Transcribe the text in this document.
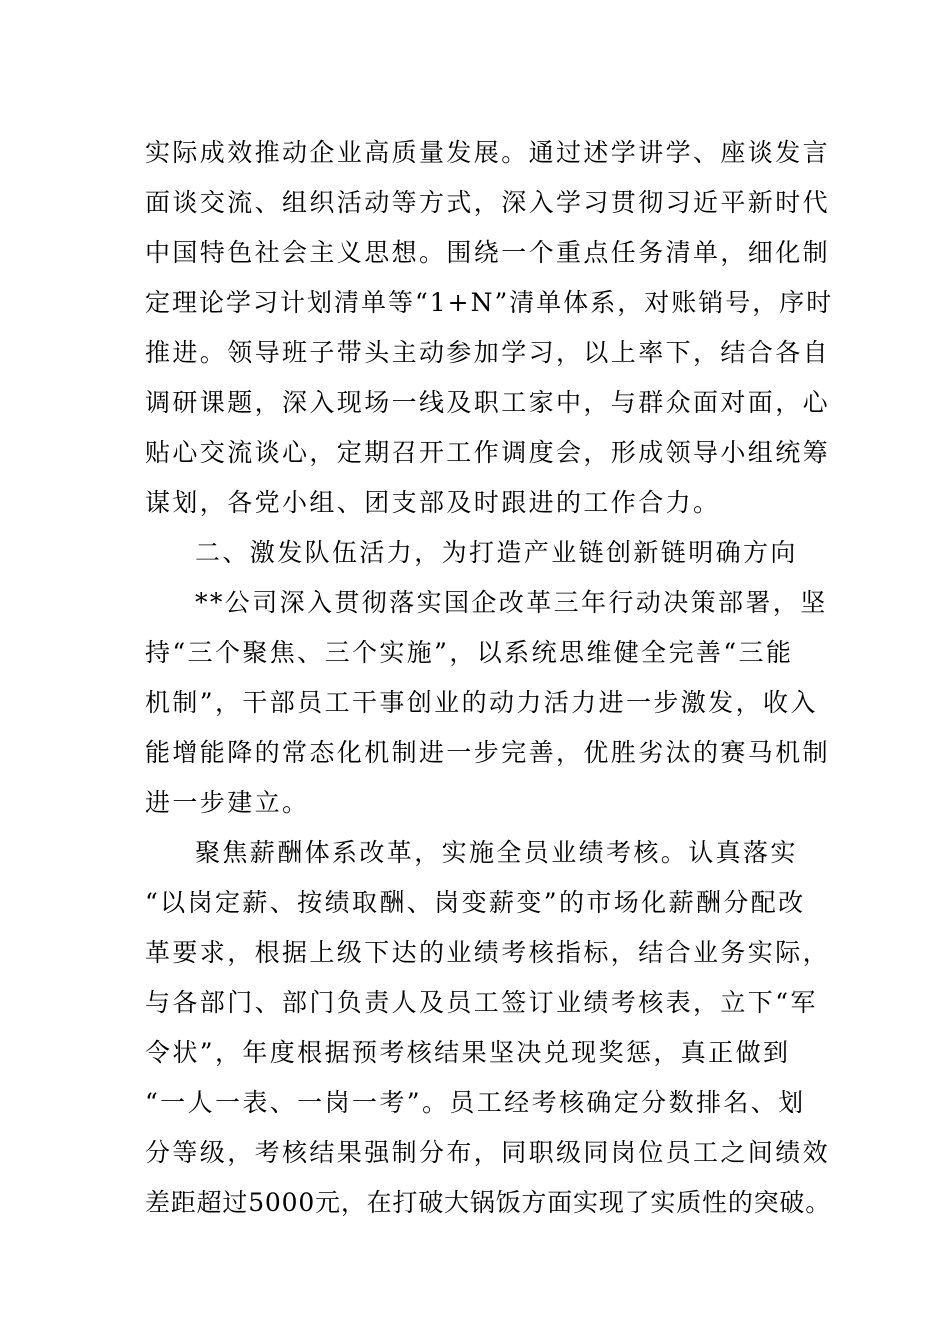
实际成效推动企业高质量发展。通过述学讲学、座谈发言
面谈交流、组织活动等方式，深入学习贯彻习近平新时代
中国特色社会主义思想。围绕一个重点任务清单，细化制
定理论学习计划清单等“1+N”清单体系，对账销号，序时
推进。领导班子带头主动参加学习，以上率下，结合各自
调研课题，深入现场一线及职工家中，与群众面对面，心
贴心交流谈心，定期召开工作调度会，形成领导小组统筹
谋划，各党小组、团支部及时跟进的工作合力。
二、激发队伍活力，为打造产业链创新链明确方向
**公司深入贯彻落实国企改革三年行动决策部署，坚
持“三个聚焦、三个实施”，以系统思维健全完善“三能
机制”，干部员工干事创业的动力活力进一步激发，收入
能增能降的常态化机制进一步完善，优胜劣汰的赛马机制
进一步建立。
聚焦薪酬体系改革，实施全员业绩考核。认真落实
“以岗定薪、按绩取酬、岗变薪变”的市场化薪酬分配改
革要求，根据上级下达的业绩考核指标，结合业务实际，
与各部门、部门负责人及员工签订业绩考核表，立下“军
令状”，年度根据预考核结果坚决兑现奖惩，真正做到
“一人一表、一岗一考”。员工经考核确定分数排名、划
分等级，考核结果强制分布，同职级同岗位员工之间绩效
差距超过5000元，在打破大锅饭方面实现了实质性的突破。
